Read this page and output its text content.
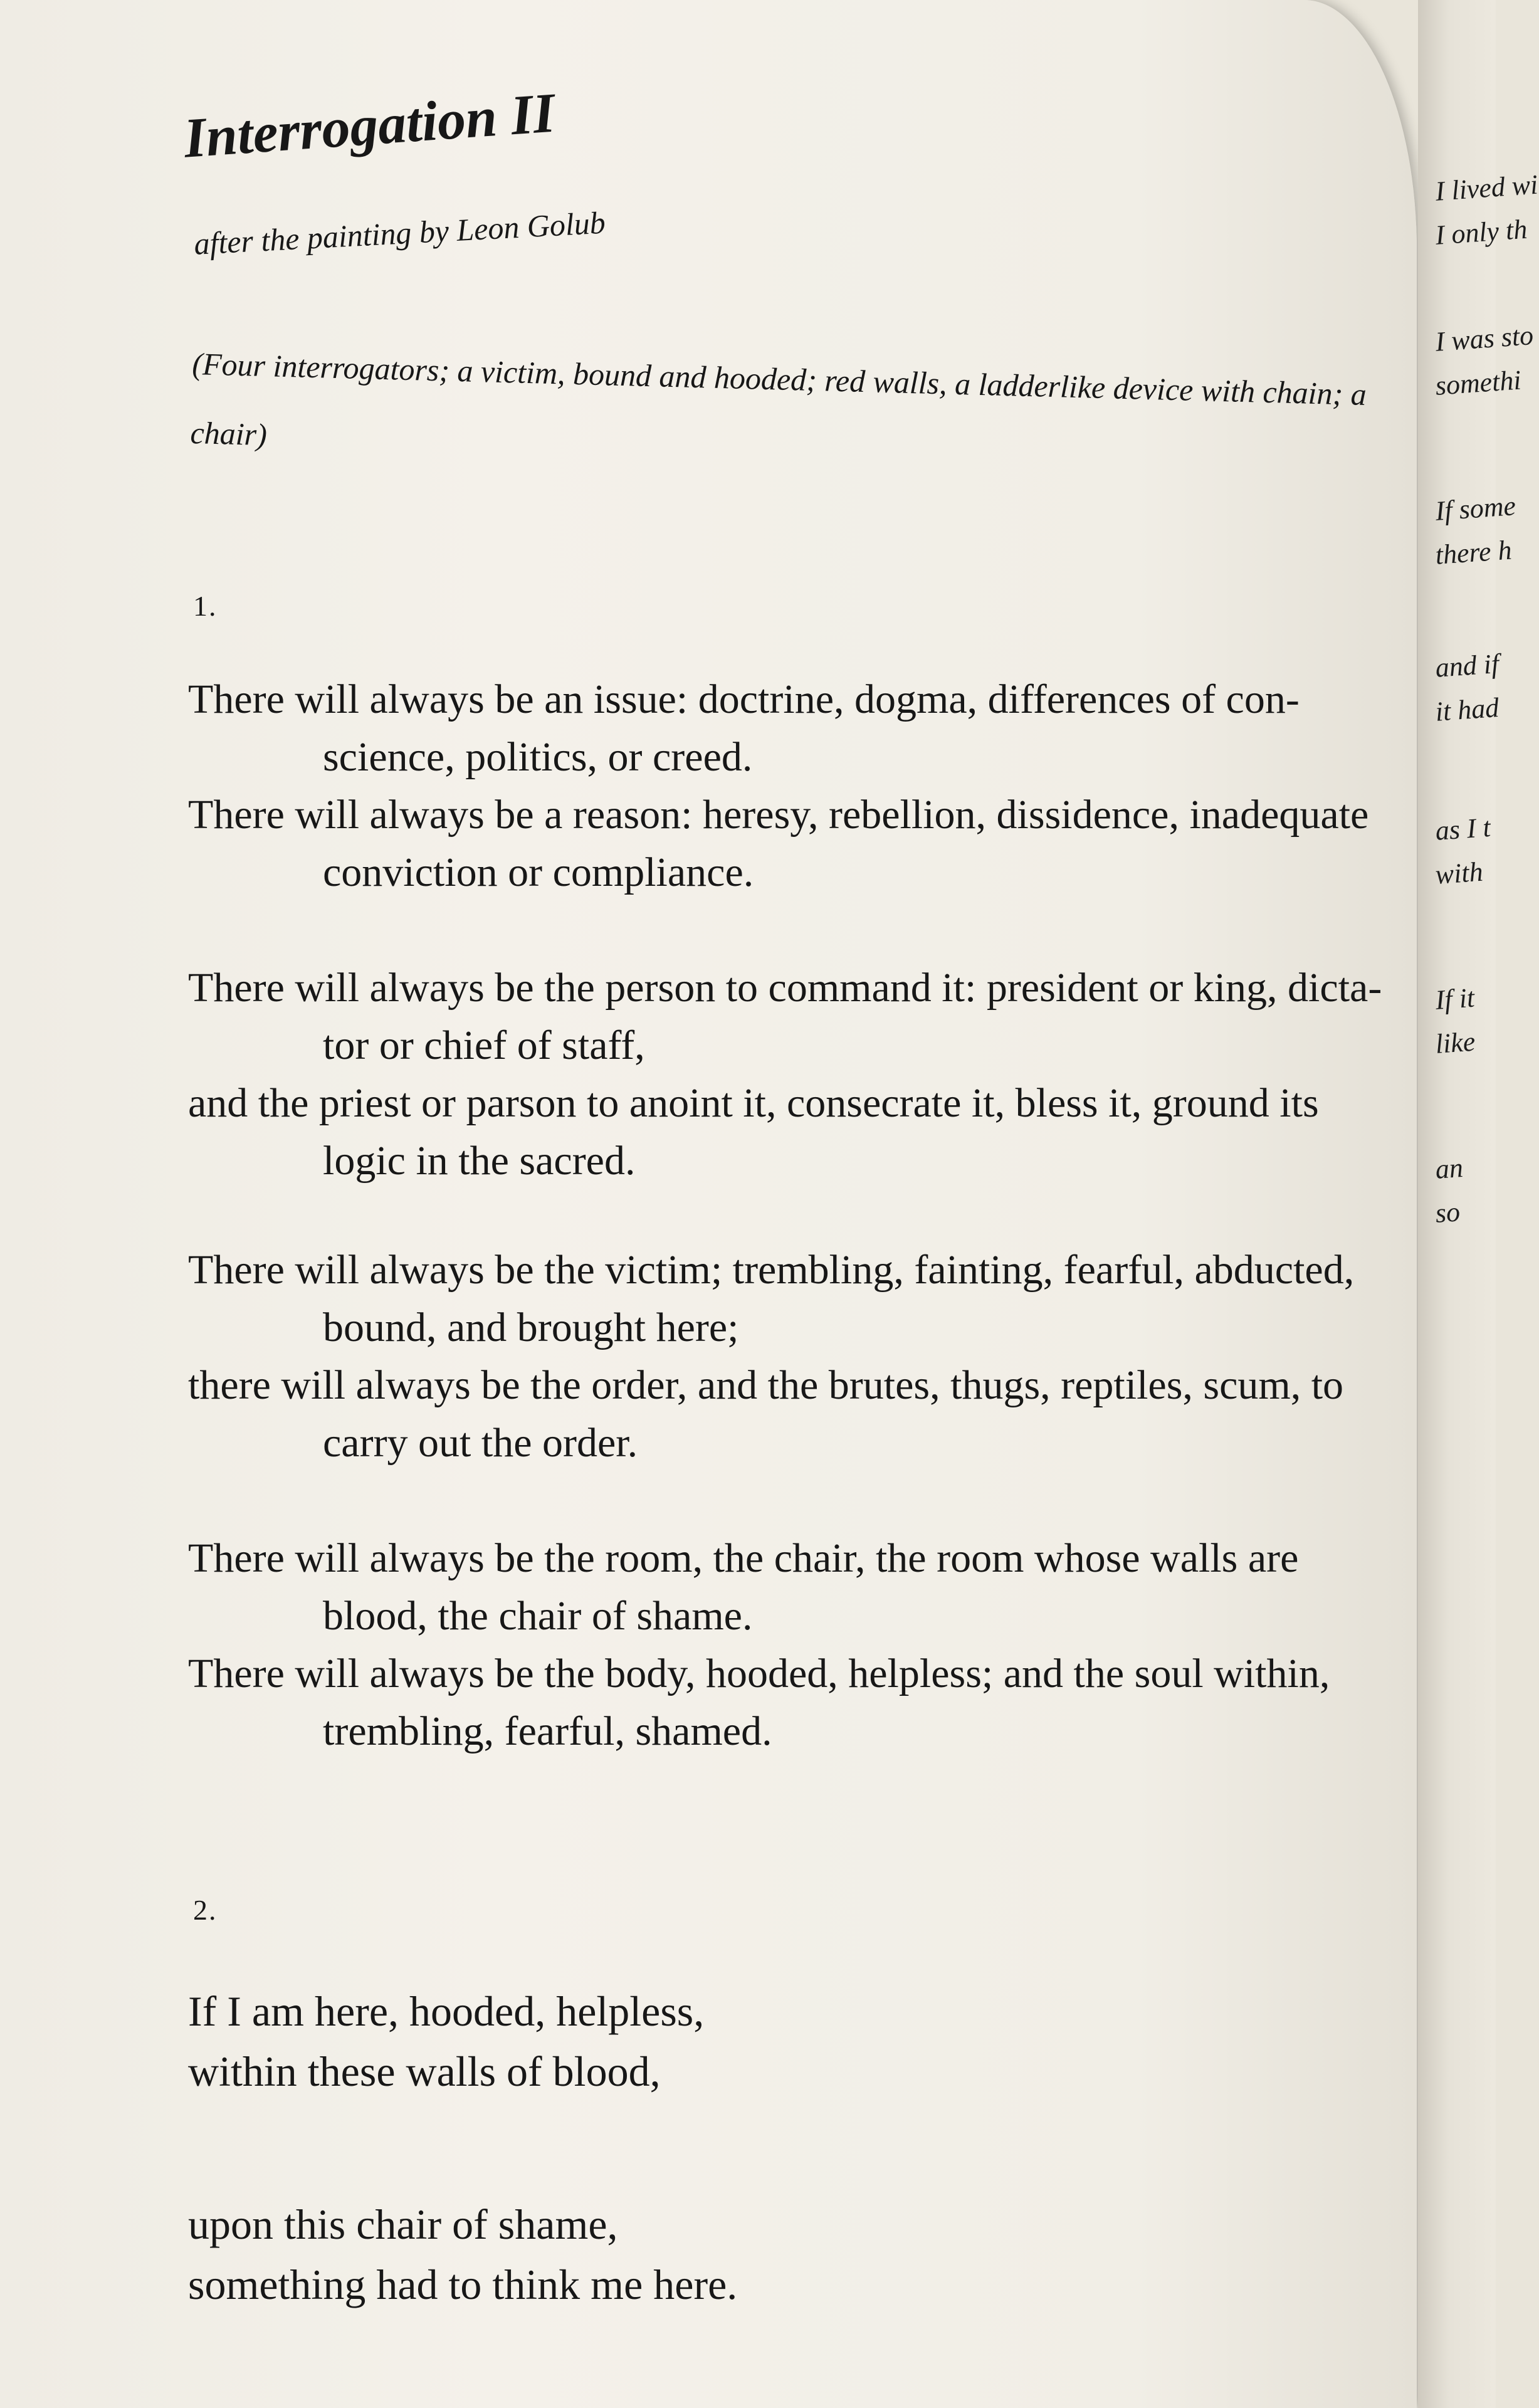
Interrogation II
after the painting by Leon Golub
(Four interrogators; a victim, bound and hooded; red walls, a ladderlike device with chain; a chair)
1.

There will always be an issue: doctrine, dogma, differences of con-
science, politics, or creed.

There will always be a reason: heresy, rebellion, dissidence, inadequate
conviction or compliance.

There will always be the person to command it: president or king, dicta-
tor or chief of staff,

and the priest or parson to anoint it, consecrate it, bless it, ground its
logic in the sacred.

There will always be the victim; trembling, fainting, fearful, abducted,
bound, and brought here;

there will always be the order, and the brutes, thugs, reptiles, scum, to
carry out the order.

There will always be the room, the chair, the room whose walls are
blood, the chair of shame.

There will always be the body, hooded, helpless; and the soul within,
trembling, fearful, shamed.

2.

If I am here, hooded, helpless,

within these walls of blood,

upon this chair of shame,

something had to think me here.

I lived wi
I only th
I was sto
somethi
If some
there h
and if
it had
as I t
with
If it
like
an
so
